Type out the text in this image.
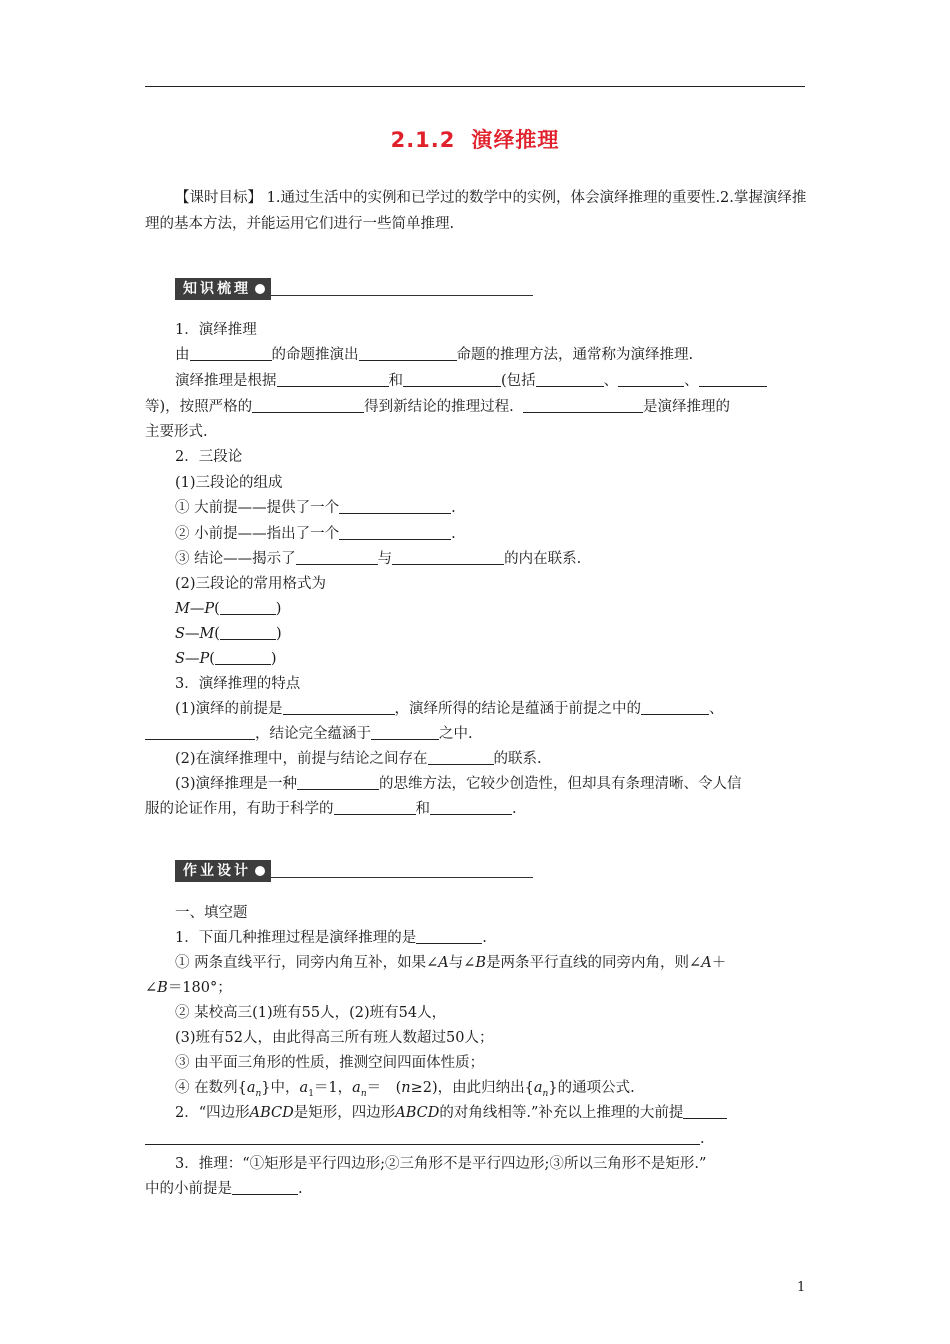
2.1.2 演绎推理
【课时目标】 1.通过生活中的实例和已学过的数学中的实例，体会演绎推理的重要性.2.掌握演绎推理的基本方法，并能运用它们进行一些简单推理.
知识梳理
1．演绎推理
由	的命题推演出	命题的推理方法，通常称为演绎推理.
演绎推理是根据	和	(包括	、	、
等)，按照严格的	得到新结论的推理过程.	是演绎推理的
主要形式.
2．三段论
(1)三段论的组成
① 大前提——提供了一个	.
② 小前提——指出了一个	.
③ 结论——揭示了	与	的内在联系.
(2)三段论的常用格式为
M—P(	)
S—M(	)
S—P(	)
3．演绎推理的特点
(1)演绎的前提是	，演绎所得的结论是蕴涵于前提之中的	、
，结论完全蕴涵于	之中.
(2)在演绎推理中，前提与结论之间存在	的联系.
(3)演绎推理是一种	的思维方法，它较少创造性，但却具有条理清晰、令人信
服的论证作用，有助于科学的	和	.
作业设计
一、填空题
1．下面几种推理过程是演绎推理的是	.
① 两条直线平行，同旁内角互补，如果∠A与∠B是两条平行直线的同旁内角，则∠A＋
∠B＝180°；
② 某校高三(1)班有55人，(2)班有54人，
(3)班有52人，由此得高三所有班人数超过50人；
③ 由平面三角形的性质，推测空间四面体性质；
④ 在数列$\{a_n\}$中，$a_1=1$，$a_n=$　(n≥2)，由此归纳出$\{a_n\}$的通项公式.
2．“四边形ABCD是矩形，四边形ABCD的对角线相等.”补充以上推理的大前提
.
3．推理：“①矩形是平行四边形;②三角形不是平行四边形;③所以三角形不是矩形.”
中的小前提是	.
1
